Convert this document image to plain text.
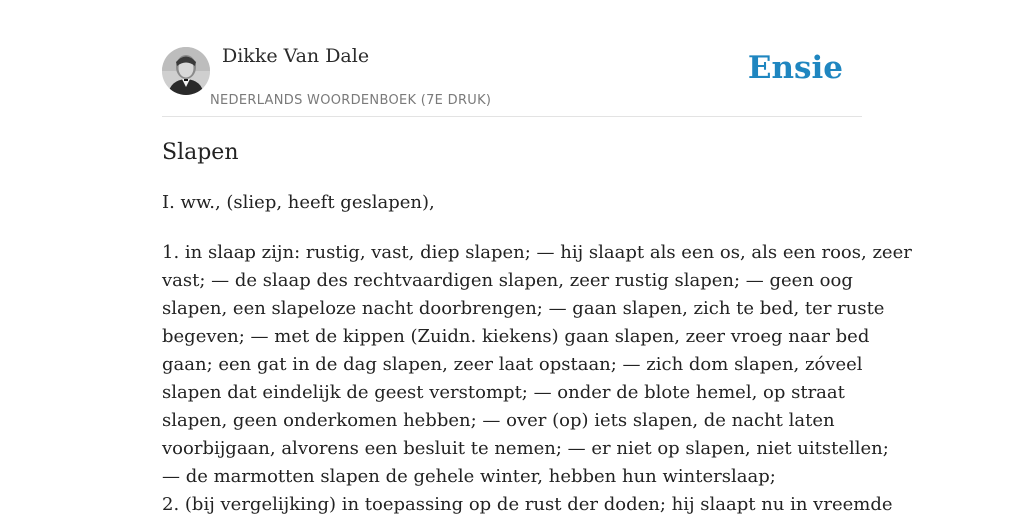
Dikke Van Dale
NEDERLANDS WOORDENBOEK (7E DRUK)
Ensie
Slapen

I. ww., (sliep, heeft geslapen),

1. in slaap zijn: rustig, vast, diep slapen; — hij slaapt als een os, als een roos, zeer
vast; — de slaap des rechtvaardigen slapen, zeer rustig slapen; — geen oog
slapen, een slapeloze nacht doorbrengen; — gaan slapen, zich te bed, ter ruste
begeven; — met de kippen (Zuidn. kiekens) gaan slapen, zeer vroeg naar bed
gaan; een gat in de dag slapen, zeer laat opstaan; — zich dom slapen, zóveel
slapen dat eindelijk de geest verstompt; — onder de blote hemel, op straat
slapen, geen onderkomen hebben; — over (op) iets slapen, de nacht laten
voorbijgaan, alvorens een besluit te nemen; — er niet op slapen, niet uitstellen;
— de marmotten slapen de gehele winter, hebben hun winterslaap;
2. (bij vergelijking) in toepassing op de rust der doden; hij slaapt nu in vreemde
